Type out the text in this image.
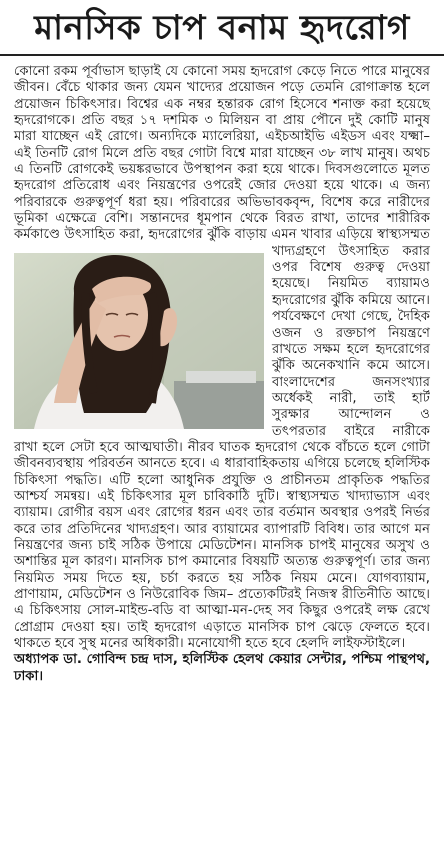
মানসিক চাপ বনাম হৃদরোগ

কোনো রকম পূর্বাভাস ছাড়াই যে কোনো সময় হৃদরোগ কেড়ে নিতে পারে মানুষের জীবন। বেঁচে থাকার জন্য যেমন খাদ্যের প্রয়োজন পড়ে তেমনি রোগাক্রান্ত হলে প্রয়োজন চিকিৎসার। বিশ্বের এক নম্বর হন্তারক রোগ হিসেবে শনাক্ত করা হয়েছে হৃদরোগকে। প্রতি বছর ১৭ দশমিক ৩ মিলিয়ন বা প্রায় পৌনে দুই কোটি মানুষ মারা যাচ্ছেন এই রোগে। অন্যদিকে ম্যালেরিয়া, এইচআইভি এইডস এবং যক্ষ্মা– এই তিনটি রোগ মিলে প্রতি বছর গোটা বিশ্বে মারা যাচ্ছেন ৩৮ লাখ মানুষ। অথচ এ তিনটি রোগকেই ভয়ঙ্করভাবে উপস্থাপন করা হয়ে থাকে। দিবসগুলোতে মূলত হৃদরোগ প্রতিরোধ এবং নিয়ন্ত্রণের ওপরেই জোর দেওয়া হয়ে থাকে। এ জন্য পরিবারকে গুরুত্বপূর্ণ ধরা হয়। পরিবারের অভিভাবকবৃন্দ, বিশেষ করে নারীদের ভূমিকা এক্ষেত্রে বেশি। সন্তানদের ধূমপান থেকে বিরত রাখা, তাদের শারীরিক কর্মকাণ্ডে উৎসাহিত করা, হৃদরোগের ঝুঁকি বাড়ায় এমন খাবার এড়িয়ে স্বাস্থ্যসম্মত খাদ্যগ্রহণে
উৎসাহিত করার ওপর বিশেষ গুরুত্ব দেওয়া হয়েছে। নিয়মিত ব্যায়ামও হৃদরোগের ঝুঁকি কমিয়ে আনে। পর্যবেক্ষণে দেখা গেছে, দৈহিক ওজন ও রক্তচাপ নিয়ন্ত্রণে রাখতে সক্ষম হলে হৃদরোগের ঝুঁকি অনেকখানি কমে আসে। বাংলাদেশের জনসংখ্যার অর্ধেকই নারী, তাই হার্ট সুরক্ষার আন্দোলন ও তৎপরতার বাইরে নারীকে রাখা হলে সেটা হবে আত্মঘাতী। নীরব ঘাতক হৃদরোগ থেকে বাঁচতে হলে গোটা জীবনব্যবস্থায় পরিবর্তন আনতে হবে। এ ধারাবাহিকতায় এগিয়ে চলেছে হলিস্টিক চিকিৎসা পদ্ধতি। এটি হলো আধুনিক প্রযুক্তি ও প্রাচীনতম প্রাকৃতিক পদ্ধতির আশ্চর্য সমন্বয়। এই চিকিৎসার মূল চাবিকাঠি দুটি। স্বাস্থ্যসম্মত খাদ্যাভ্যাস এবং ব্যায়াম। রোগীর বয়স এবং রোগের ধরন এবং তার বর্তমান অবস্থার ওপরই নির্ভর করে তার প্রতিদিনের খাদ্যগ্রহণ। আর ব্যায়ামের ব্যাপারটি বিবিধ। তার আগে মন নিয়ন্ত্রণের জন্য চাই সঠিক উপায়ে মেডিটেশন। মানসিক চাপই মানুষের অসুখ ও অশান্তির মূল কারণ। মানসিক চাপ কমানোর বিষয়টি অত্যন্ত গুরুত্বপূর্ণ। তার জন্য নিয়মিত সময় দিতে হয়, চর্চা করতে হয় সঠিক নিয়ম মেনে। যোগব্যায়াম, প্রাণায়াম, মেডিটেশন ও নিউরোবিক জিম– প্রত্যেকটিরই নিজস্ব রীতিনীতি আছে। এ চিকিৎসায় সোল-মাইন্ড-বডি বা আত্মা-মন-দেহ সব কিছুর ওপরেই লক্ষ রেখে প্রোগ্রাম দেওয়া হয়। তাই হৃদরোগ এড়াতে মানসিক চাপ ঝেড়ে ফেলতে হবে। থাকতে হবে সুস্থ মনের অধিকারী। মনোযোগী হতে হবে হেলদি লাইফস্টাইলে।

অধ্যাপক ডা. গোবিন্দ চন্দ্র দাস, হলিস্টিক হেলথ কেয়ার সেন্টার, পশ্চিম পান্থপথ, ঢাকা।
